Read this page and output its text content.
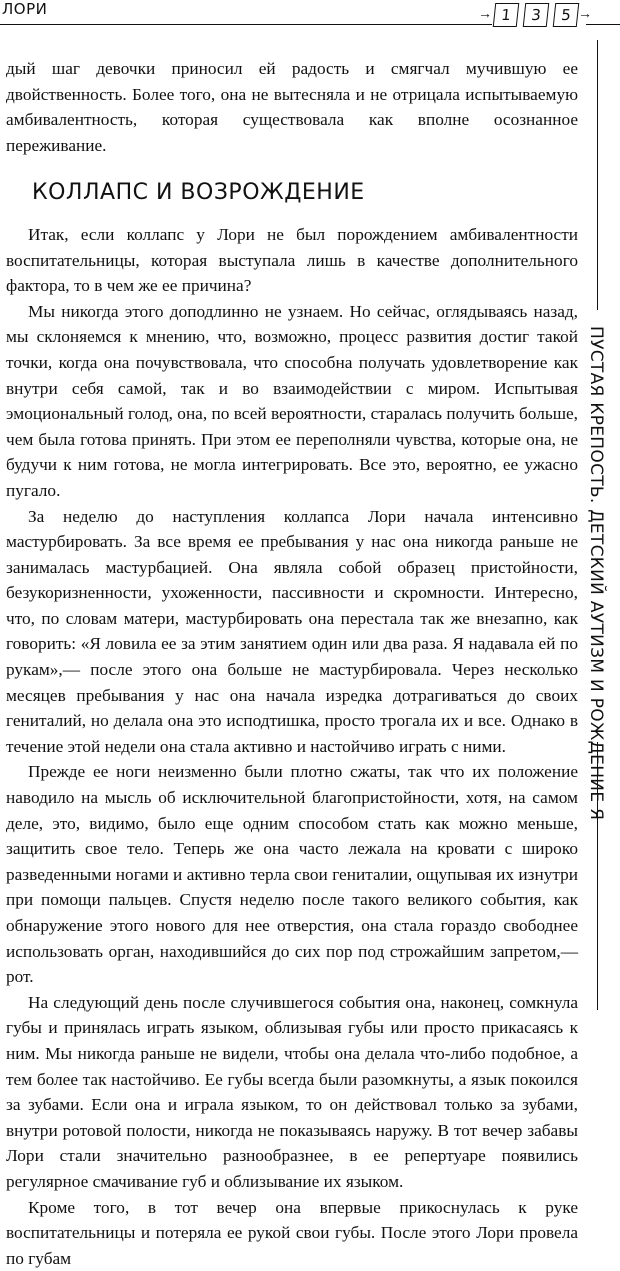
ЛОРИ	→ 1	3	5 →
ПУСТАЯ КРЕПОСТЬ. ДЕТСКИЙ АУТИЗМ И РОЖДЕНИЕ Я

дый шаг девочки приносил ей радость и смягчал мучившую ее двойственность. Более того, она не вытесняла и не отрицала испытываемую амбивалентность, которая существовала как вполне осознанное переживание.

КОЛЛАПС И ВОЗРОЖДЕНИЕ

Итак, если коллапс у Лори не был порождением амбивалентности воспитательницы, которая выступала лишь в качестве дополнительного фактора, то в чем же ее причина?

Мы никогда этого доподлинно не узнаем. Но сейчас, оглядываясь назад, мы склоняемся к мнению, что, возможно, процесс развития достиг такой точки, когда она почувствовала, что способна получать удовлетворение как внутри себя самой, так и во взаимодействии с миром. Испытывая эмоциональный голод, она, по всей вероятности, старалась получить больше, чем была готова принять. При этом ее переполняли чувства, которые она, не будучи к ним готова, не могла интегрировать. Все это, вероятно, ее ужасно пугало.

За неделю до наступления коллапса Лори начала интенсивно мастурбировать. За все время ее пребывания у нас она никогда раньше не занималась мастурбацией. Она являла собой образец пристойности, безукоризненности, ухоженности, пассивности и скромности. Интересно, что, по словам матери, мастурбировать она перестала так же внезапно, как говорить: «Я ловила ее за этим занятием один или два раза. Я надавала ей по рукам»,— после этого она больше не мастурбировала. Через несколько месяцев пребывания у нас она начала изредка дотрагиваться до своих гениталий, но делала она это исподтишка, просто трогала их и все. Однако в течение этой недели она стала активно и настойчиво играть с ними.

Прежде ее ноги неизменно были плотно сжаты, так что их положение наводило на мысль об исключительной благопристойности, хотя, на самом деле, это, видимо, было еще одним способом стать как можно меньше, защитить свое тело. Теперь же она часто лежала на кровати с широко разведенными ногами и активно терла свои гениталии, ощупывая их изнутри при помощи пальцев. Спустя неделю после такого великого события, как обнаружение этого нового для нее отверстия, она стала гораздо свободнее использовать орган, находившийся до сих пор под строжайшим запретом,— рот.

На следующий день после случившегося события она, наконец, сомкнула губы и принялась играть языком, облизывая губы или просто прикасаясь к ним. Мы никогда раньше не видели, чтобы она делала что-либо подобное, а тем более так настойчиво. Ее губы всегда были разомкнуты, а язык покоился за зубами. Если она и играла языком, то он действовал только за зубами, внутри ротовой полости, никогда не показываясь наружу. В тот вечер забавы Лори стали значительно разнообразнее, в ее репертуаре появились регулярное смачивание губ и облизывание их языком.

Кроме того, в тот вечер она впервые прикоснулась к руке воспитательницы и потеряла ее рукой свои губы. После этого Лори провела по губам
